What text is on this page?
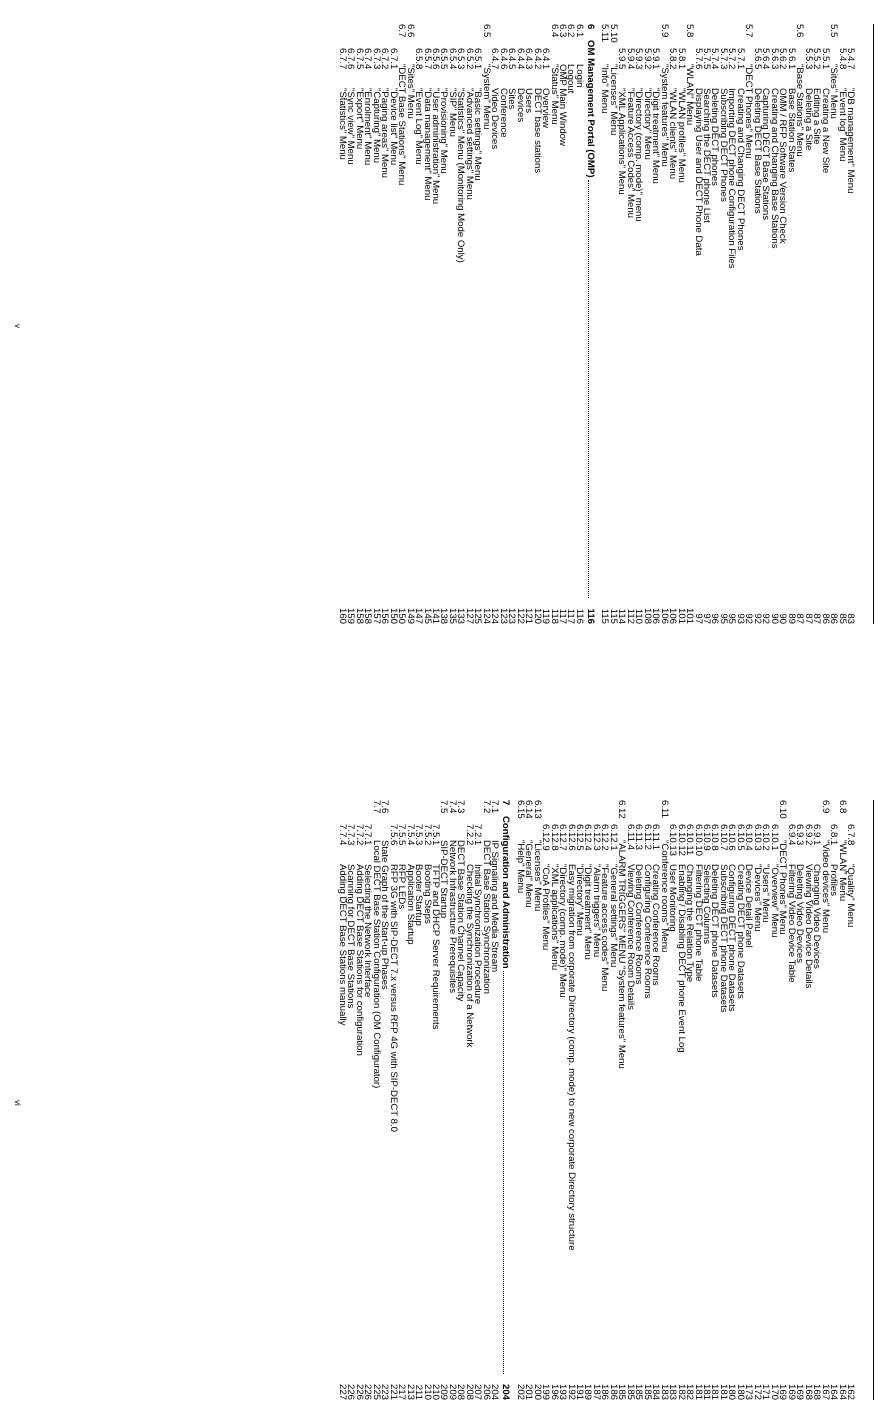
5.4.7
"DB management" Menu
83
5.4.8
"Event log" Menu
85
5.5
"Sites" Menu
86
5.5.1
Creating a New Site
86
5.5.2
Editing a Site
87
5.5.3
Deleting a Site
87
5.6
"Base Stations" Menu
87
5.6.1
Base Station States
89
5.6.2
OMM / RFP Software Version Check
90
5.6.3
Creating and Changing Base Stations
90
5.6.4
Capturing DECT Base Stations
92
5.6.5
Deleting DECT Base Stations
92
5.7
"DECT Phones" Menu
92
5.7.1
Creating and Changing DECT Phones
93
5.7.2
Importing DECT phone Configuration Files
95
5.7.3
Subscribing DECT Phones
95
5.7.4
Deleting DECT phones
96
5.7.5
Searching the DECT phone List
97
5.7.6
Displaying User and DECT Phone Data
97
5.8
"WLAN" Menu
101
5.8.1
"WLAN profiles" Menu
101
5.8.2
"WLAN clients" Menu
106
5.9
"System features" Menu
106
5.9.1
"Digit treatment" Menu
106
5.9.2
"Directory" Menu
108
5.9.3
"Directory (comp. mode)" menu
110
5.9.4
"Feature Access Codes" Menu
112
5.9.5
"XML Applications" Menu
114
5.10
"Licenses" Menu
115
5.11
"Info" Menu
115
6
OM Management Portal (OMP)
116
6.1
Login
116
6.2
Logout
117
6.3
OMP Main Window
117
6.4
"Status" Menu
118
6.4.1
Overview
119
6.4.2
DECT base stations
120
6.4.3
Users
121
6.4.4
Devices
122
6.4.5
Sites
123
6.4.6
Conference
123
6.4.7
Video Devices
124
6.5
"System" Menu
124
6.5.1
"Basic settings" Menu
125
6.5.2
"Advanced settings" Menu
127
6.5.3
"Statistics" Menu (Monitoring Mode Only)
133
6.5.4
"SIP" Menu
135
6.5.5
"Provisioning" Menu
138
6.5.6
"User administration" Menu
141
6.5.7
"Data management" Menu
145
6.5.8
"Event Log" Menu
147
6.6
"Sites" Menu
149
6.7
"DECT Base Stations" Menu
150
6.7.1
"Device list" Menu
150
6.7.2
"Paging areas" Menu
156
6.7.3
"Capturing" Menu
157
6.7.4
"Enrolment" Menu
158
6.7.5
"Export" Menu
158
6.7.6
"Sync view" Menu
159
6.7.7
"Statistics" Menu
160
v
6.7.8
"Quality" Menu
162
6.8
"WLAN" Menu
164
6.8.1
Profiles
164
6.9
"Video devices" Menu
167
6.9.1
Changing Video Devices
168
6.9.2
Viewing Video Device Details
168
6.9.3
Deleting Video Devices
169
6.9.4
Filtering Video Device Table
169
6.10
"DECT Phones" Menu
169
6.10.1
"Overview" Menu
170
6.10.2
"Users" Menu
171
6.10.3
"Devices" Menu
172
6.10.4
Device Detail Panel
173
6.10.5
Creating DECT phone Datasets
180
6.10.6
Configuring DECT phone Datasets
180
6.10.7
Subscribing DECT phone Datasets
181
6.10.8
Deleting DECT phone Datasets
181
6.10.9
Selecting Columns
181
6.10.10
Filtering DECT phone Table
181
6.10.11
Changing the Relation Type
182
6.10.12
Enabling / Disabling DECT phone Event Log
182
6.10.13
User Monitoring
183
6.11
"Conference rooms" Menu
183
6.11.1
Creating Conference Rooms
184
6.11.2
Configuring Conference Rooms
185
6.11.3
Deleting Conference Rooms
185
6.11.4
Viewing Conference Room Details
185
6.12
"ALARM TRIGGERS" MENU "System features" Menu
185
6.12.1
"General settings" Menu
186
6.12.2
"Feature access codes" Menu
186
6.12.3
"Alarm triggers" Menu
187
6.12.4
"Digit treatment" Menu
189
6.12.5
"Directory" Menu
191
6.12.6
Easy migration from corporate Directory (comp. mode) to new corporate Directory structure
192
6.12.7
"Directory (comp. mode)" Menu
193
6.12.8
"XML applications" Menu
196
6.12.9
"CoA Profiles" Menu
199
6.13
"Licenses" Menu
200
6.14
"General" Menu
201
6.15
"Help" Menu
202
7
Configuration and Administration
204
7.1
IP Signaling and Media Stream
204
7.2
DECT Base Station Synchronization
206
7.2.1
Initial Synchronization Procedure
207
7.2.2
Checking the Synchronization of a Network
208
7.3
DECT Base Station Channel Capacity
208
7.4
Network Infrastructure Prerequisites
209
7.5
SIP-DECT Startup
209
7.5.1
TFTP and DHCP Server Requirements
210
7.5.2
Booting Steps
210
7.5.3
Booter Startup
211
7.5.4
Application Startup
213
7.5.5
RFP LEDs
217
7.5.6
RFP 3G with SIP-DECT 7.x versus RFP 4G with SIP-DECT 8.0
221
7.6
State Graph of the Start-up Phases
223
7.7
Local DECT Base Station Configuration (OM Configurator)
225
7.7.1
Selecting the Network Interface
226
7.7.2
Adding DECT Base Stations for configuration
226
7.7.3
Scanning for DECT Base Stations
226
7.7.4
Adding DECT Base Stations manually
227
vi
